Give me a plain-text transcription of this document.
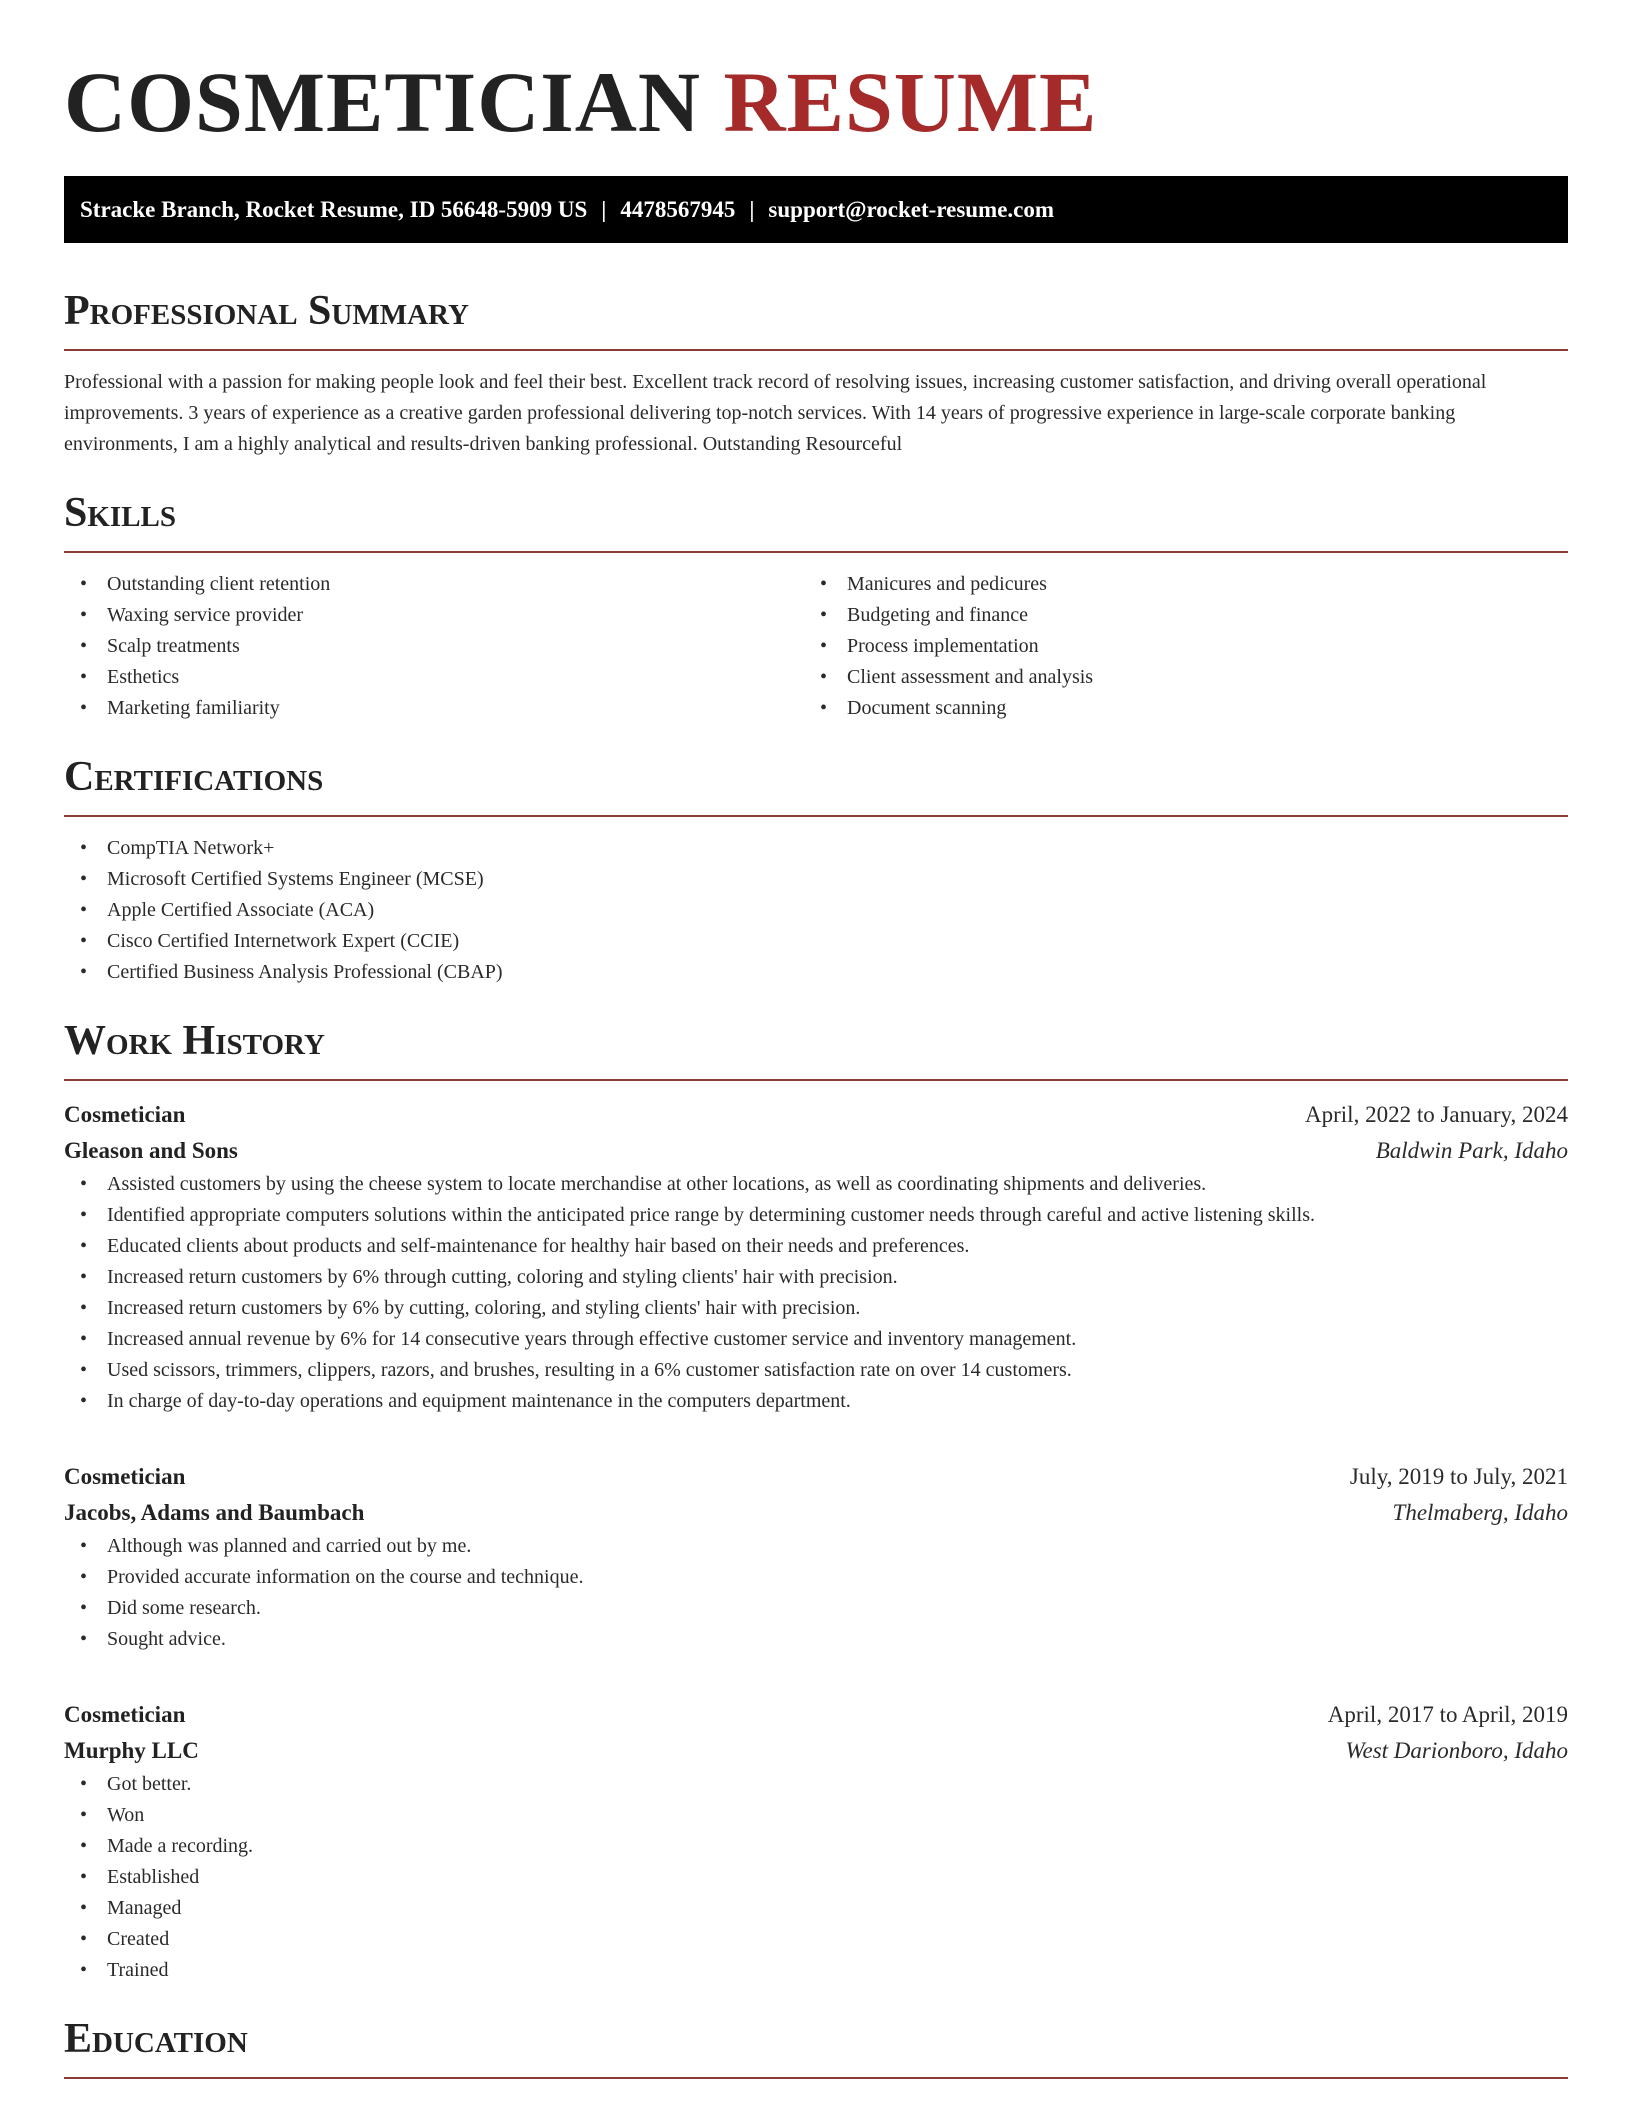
COSMETICIAN RESUME
Stracke Branch, Rocket Resume, ID 56648-5909 US | 4478567945 | support@rocket-resume.com
Professional Summary

Professional with a passion for making people look and feel their best. Excellent track record of resolving issues, increasing customer satisfaction, and driving overall operational improvements. 3 years of experience as a creative garden professional delivering top-notch services. With 14 years of progressive experience in large-scale corporate banking environments, I am a highly analytical and results-driven banking professional. Outstanding Resourceful

Skills
• Outstanding client retention
• Waxing service provider
• Scalp treatments
• Esthetics
• Marketing familiarity
• Manicures and pedicures
• Budgeting and finance
• Process implementation
• Client assessment and analysis
• Document scanning
Certifications
• CompTIA Network+
• Microsoft Certified Systems Engineer (MCSE)
• Apple Certified Associate (ACA)
• Cisco Certified Internetwork Expert (CCIE)
• Certified Business Analysis Professional (CBAP)
Work History
Cosmetician	April, 2022 to January, 2024
Gleason and Sons	Baldwin Park, Idaho
• Assisted customers by using the cheese system to locate merchandise at other locations, as well as coordinating shipments and deliveries.
• Identified appropriate computers solutions within the anticipated price range by determining customer needs through careful and active listening skills.
• Educated clients about products and self-maintenance for healthy hair based on their needs and preferences.
• Increased return customers by 6% through cutting, coloring and styling clients' hair with precision.
• Increased return customers by 6% by cutting, coloring, and styling clients' hair with precision.
• Increased annual revenue by 6% for 14 consecutive years through effective customer service and inventory management.
• Used scissors, trimmers, clippers, razors, and brushes, resulting in a 6% customer satisfaction rate on over 14 customers.
• In charge of day-to-day operations and equipment maintenance in the computers department.
Cosmetician	July, 2019 to July, 2021
Jacobs, Adams and Baumbach	Thelmaberg, Idaho
• Although was planned and carried out by me.
• Provided accurate information on the course and technique.
• Did some research.
• Sought advice.
Cosmetician	April, 2017 to April, 2019
Murphy LLC	West Darionboro, Idaho
• Got better.
• Won
• Made a recording.
• Established
• Managed
• Created
• Trained
Education
